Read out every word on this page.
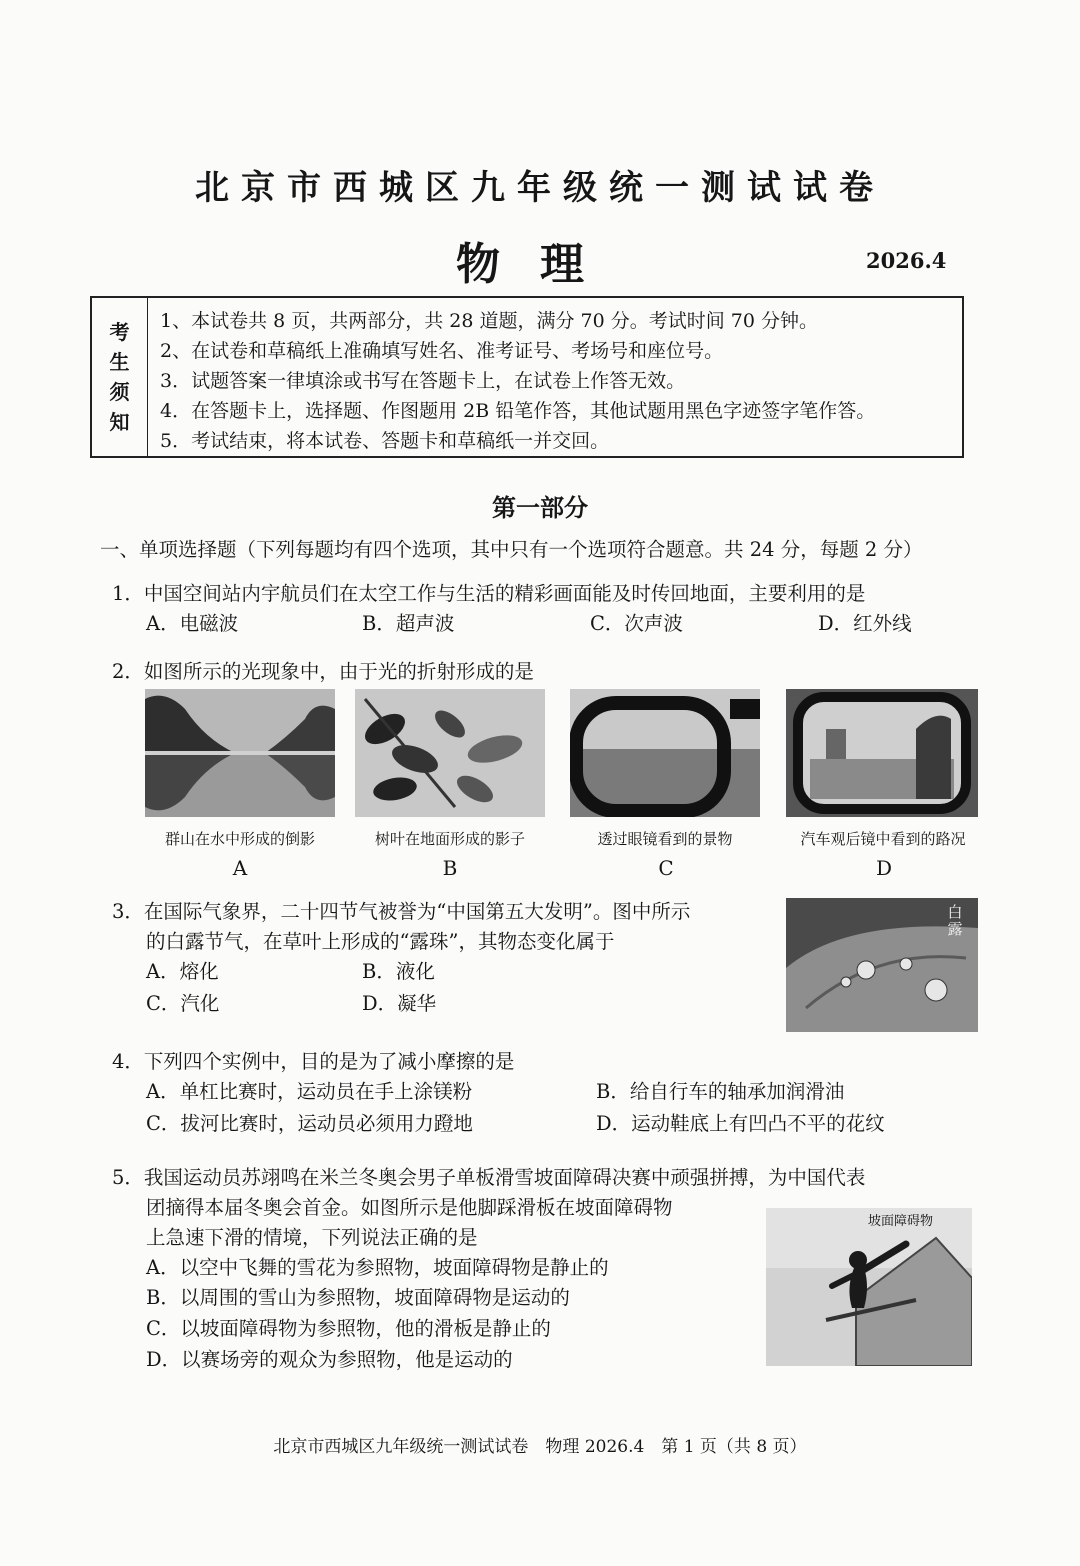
北京市西城区九年级统一测试试卷
物理	2026.4
考
生
须
知
1、本试卷共 8 页，共两部分，共 28 道题，满分 70 分。考试时间 70 分钟。
2、在试卷和草稿纸上准确填写姓名、准考证号、考场号和座位号。
3．试题答案一律填涂或书写在答题卡上，在试卷上作答无效。
4．在答题卡上，选择题、作图题用 2B 铅笔作答，其他试题用黑色字迹签字笔作答。
5．考试结束，将本试卷、答题卡和草稿纸一并交回。
第一部分
一、单项选择题（下列每题均有四个选项，其中只有一个选项符合题意。共 24 分，每题 2 分）
1．中国空间站内宇航员们在太空工作与生活的精彩画面能及时传回地面，主要利用的是
A．电磁波	B．超声波	C．次声波	D．红外线
2．如图所示的光现象中，由于光的折射形成的是
群山在水中形成的倒影	树叶在地面形成的影子	透过眼镜看到的景物	汽车观后镜中看到的路况
A	B	C	D
3．在国际气象界，二十四节气被誉为“中国第五大发明”。图中所示
的白露节气，在草叶上形成的“露珠”，其物态变化属于
A．熔化	B．液化
C．汽化	D．凝华
白露
4．下列四个实例中，目的是为了减小摩擦的是
A．单杠比赛时，运动员在手上涂镁粉	B．给自行车的轴承加润滑油
C．拔河比赛时，运动员必须用力蹬地	D．运动鞋底上有凹凸不平的花纹
5．我国运动员苏翊鸣在米兰冬奥会男子单板滑雪坡面障碍决赛中顽强拼搏，为中国代表
团摘得本届冬奥会首金。如图所示是他脚踩滑板在坡面障碍物
上急速下滑的情境，下列说法正确的是
A．以空中飞舞的雪花为参照物，坡面障碍物是静止的
B．以周围的雪山为参照物，坡面障碍物是运动的
C．以坡面障碍物为参照物，他的滑板是静止的
D．以赛场旁的观众为参照物，他是运动的
坡面障碍物
北京市西城区九年级统一测试试卷　物理 2026.4　第 1 页（共 8 页）
